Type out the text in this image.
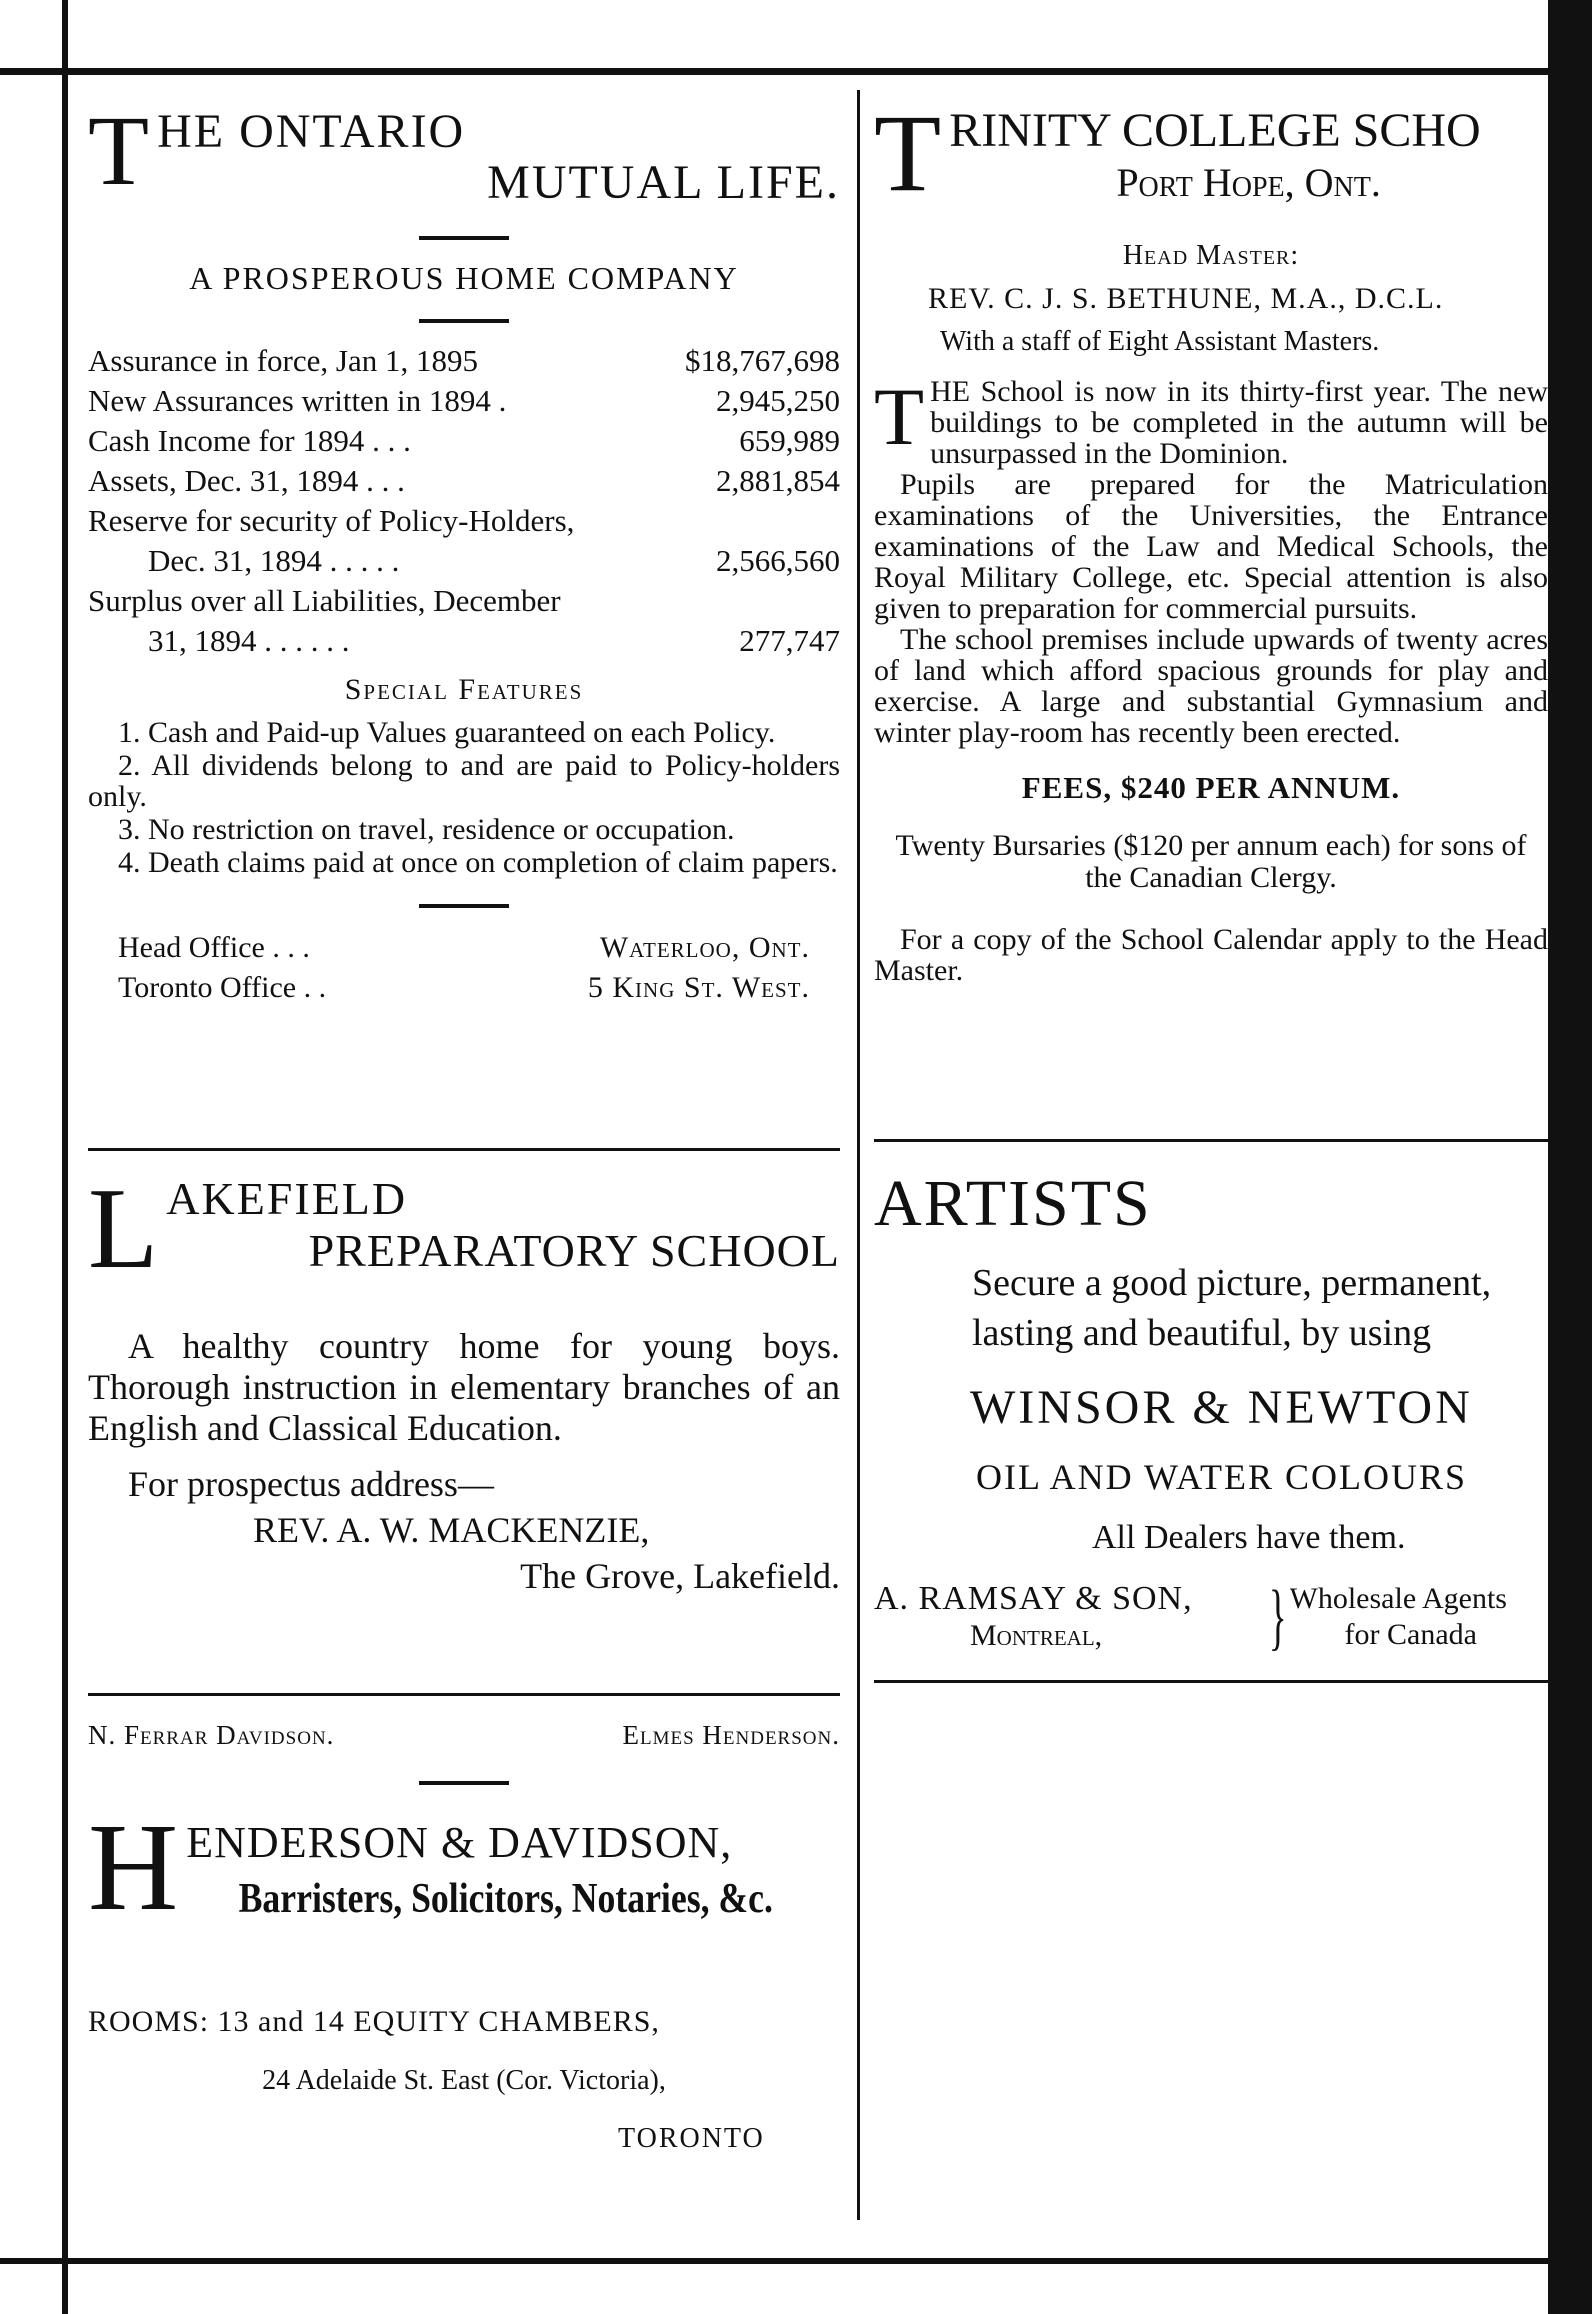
T HE ONTARIO
MUTUAL LIFE.
A PROSPEROUS HOME COMPANY
Assurance in force, Jan 1, 1895	$18,767,698
New Assurances written in 1894 .	2,945,250
Cash Income for 1894 . . .	659,989
Assets, Dec. 31, 1894 . . .	2,881,854
Reserve for security of Policy-Holders,
Dec. 31, 1894 . . . . .	2,566,560
Surplus over all Liabilities, December
31, 1894 . . . . . .	277,747
Special Features

1. Cash and Paid-up Values guaranteed on each Policy.

2. All dividends belong to and are paid to Policy-holders only.

3. No restriction on travel, residence or occupation.

4. Death claims paid at once on completion of claim papers.

Head Office . . .	Waterloo, Ont.
Toronto Office . .	5 King St. West.
L AKEFIELD
PREPARATORY SCHOOL

A healthy country home for young boys. Thorough instruction in elementary branches of an English and Classical Education.

For prospectus address—
REV. A. W. MACKENZIE,
The Grove, Lakefield.
N. Ferrar Davidson.	Elmes Henderson.
H ENDERSON & DAVIDSON,
Barristers, Solicitors, Notaries, &c.
ROOMS: 13 and 14 EQUITY CHAMBERS,
24 Adelaide St. East (Cor. Victoria),
TORONTO
T RINITY COLLEGE SCHO
Port Hope, Ont.
Head Master:
REV. C. J. S. BETHUNE, M.A., D.C.L.
With a staff of Eight Assistant Masters.
T HE School is now in its thirty-first year. The new buildings to be completed in the autumn will be unsurpassed in the Dominion.

Pupils are prepared for the Matriculation examinations of the Universities, the Entrance examinations of the Law and Medical Schools, the Royal Military College, etc. Special attention is also given to preparation for commercial pursuits.

The school premises include upwards of twenty acres of land which afford spacious grounds for play and exercise. A large and substantial Gymnasium and winter play-room has recently been erected.

FEES, $240 PER ANNUM.

Twenty Bursaries ($120 per annum each) for sons of the Canadian Clergy.

For a copy of the School Calendar apply to the Head Master.

ARTISTS
Secure a good picture, permanent,
lasting and beautiful, by using
WINSOR & NEWTON
OIL AND WATER COLOURS
All Dealers have them.
A. RAMSAY & SON,
Montreal,	} Wholesale Agents
for Canada
